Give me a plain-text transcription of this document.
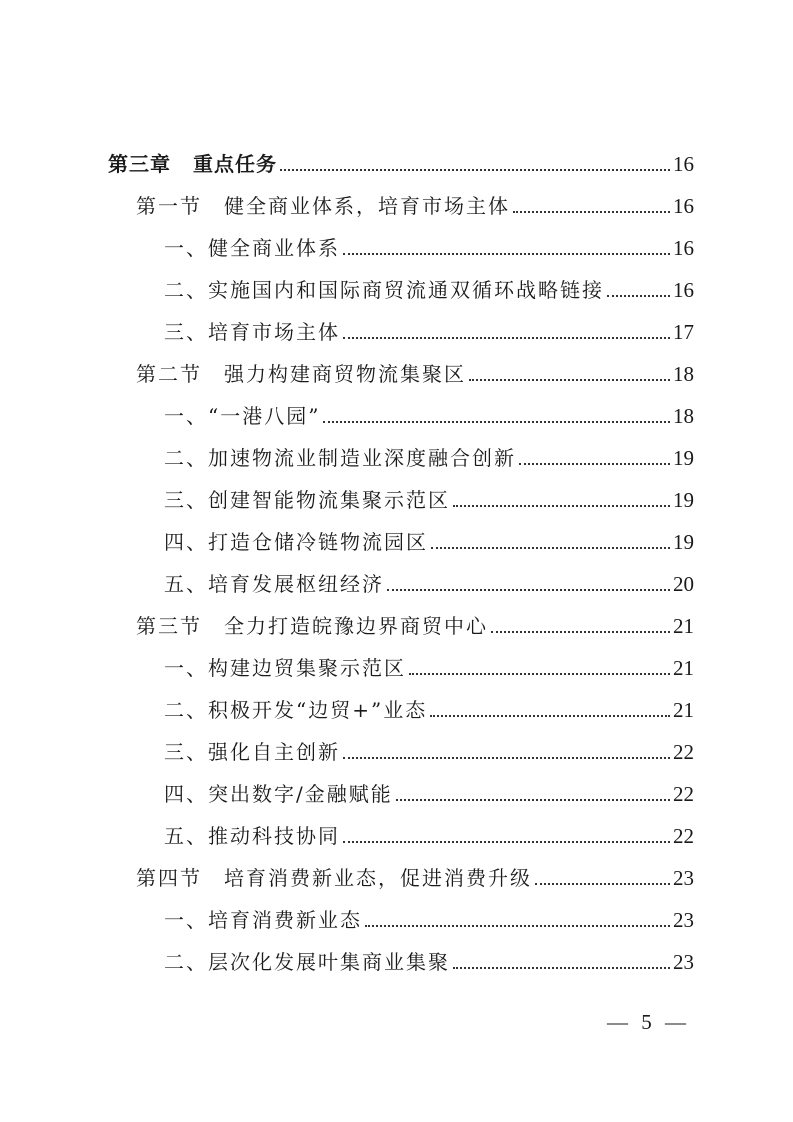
第三章 重点任务	16
第一节 健全商业体系，培育市场主体	16
一、健全商业体系	16
二、实施国内和国际商贸流通双循环战略链接	16
三、培育市场主体	17
第二节 强力构建商贸物流集聚区	18
一、“一港八园”	18
二、加速物流业制造业深度融合创新	19
三、创建智能物流集聚示范区	19
四、打造仓储冷链物流园区	19
五、培育发展枢纽经济	20
第三节 全力打造皖豫边界商贸中心	21
一、构建边贸集聚示范区	21
二、积极开发“边贸+”业态	21
三、强化自主创新	22
四、突出数字/金融赋能	22
五、推动科技协同	22
第四节 培育消费新业态，促进消费升级	23
一、培育消费新业态	23
二、层次化发展叶集商业集聚	23
— 5 —
